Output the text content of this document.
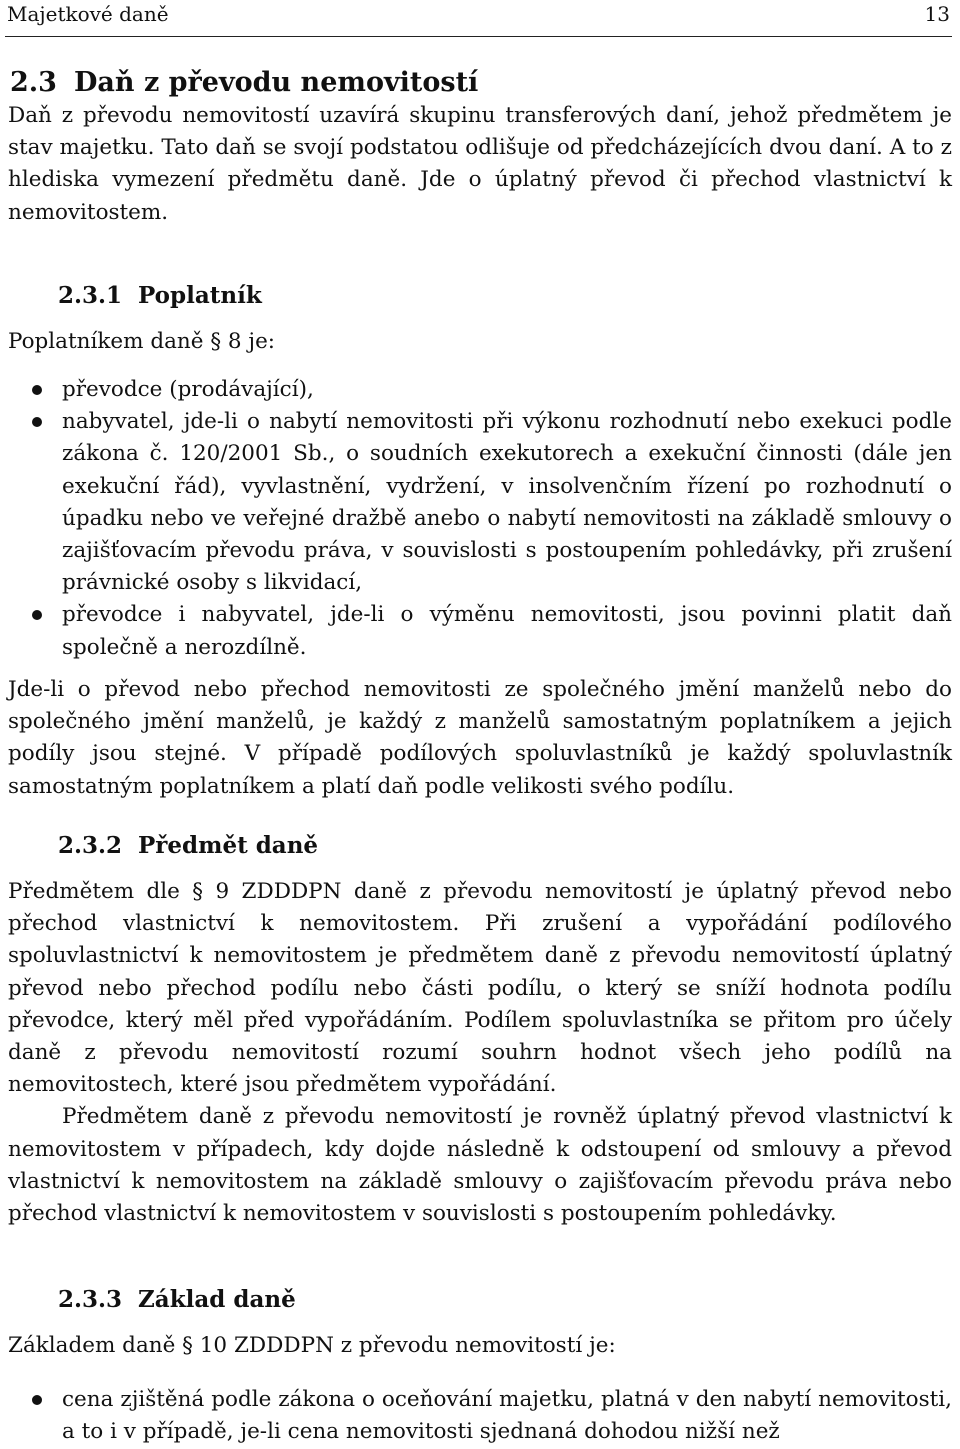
Majetkové daně	13
2.3 Daň z převodu nemovitostí

Daň z převodu nemovitostí uzavírá skupinu transferových daní, jehož předmětem je stav majetku. Tato daň se svojí podstatou odlišuje od předcházejících dvou daní. A to z hlediska vymezení předmětu daně. Jde o úplatný převod či přechod vlastnictví k nemovitostem.

2.3.1 Poplatník

Poplatníkem daně § 8 je:

převodce (prodávající),
nabyvatel, jde-li o nabytí nemovitosti při výkonu rozhodnutí nebo exekuci podle zákona č. 120/2001 Sb., o soudních exekutorech a exekuční činnosti (dále jen exekuční řád), vyvlastnění, vydržení, v insolvenčním řízení po rozhodnutí o úpadku nebo ve veřejné dražbě anebo o nabytí nemovitosti na základě smlouvy o zajišťovacím převodu práva, v souvislosti s postoupením pohledávky, při zrušení právnické osoby s likvidací,
převodce i nabyvatel, jde-li o výměnu nemovitosti, jsou povinni platit daň společně a nerozdílně.

Jde-li o převod nebo přechod nemovitosti ze společného jmění manželů nebo do společného jmění manželů, je každý z manželů samostatným poplatníkem a jejich podíly jsou stejné. V případě podílových spoluvlastníků je každý spoluvlastník samostatným poplatníkem a platí daň podle velikosti svého podílu.

2.3.2 Předmět daně

Předmětem dle § 9 ZDDDPN daně z převodu nemovitostí je úplatný převod nebo přechod vlastnictví k nemovitostem. Při zrušení a vypořádání podílového spoluvlastnictví k nemovitostem je předmětem daně z převodu nemovitostí úplatný převod nebo přechod podílu nebo části podílu, o který se sníží hodnota podílu převodce, který měl před vypořádáním. Podílem spoluvlastníka se přitom pro účely daně z převodu nemovitostí rozumí souhrn hodnot všech jeho podílů na nemovitostech, které jsou předmětem vypořádání.

Předmětem daně z převodu nemovitostí je rovněž úplatný převod vlastnictví k nemovitostem v případech, kdy dojde následně k odstoupení od smlouvy a převod vlastnictví k nemovitostem na základě smlouvy o zajišťovacím převodu práva nebo přechod vlastnictví k nemovitostem v souvislosti s postoupením pohledávky.

2.3.3 Základ daně

Základem daně § 10 ZDDDPN z převodu nemovitostí je:

cena zjištěná podle zákona o oceňování majetku, platná v den nabytí nemovitosti, a to i v případě, je-li cena nemovitosti sjednaná dohodou nižší než
